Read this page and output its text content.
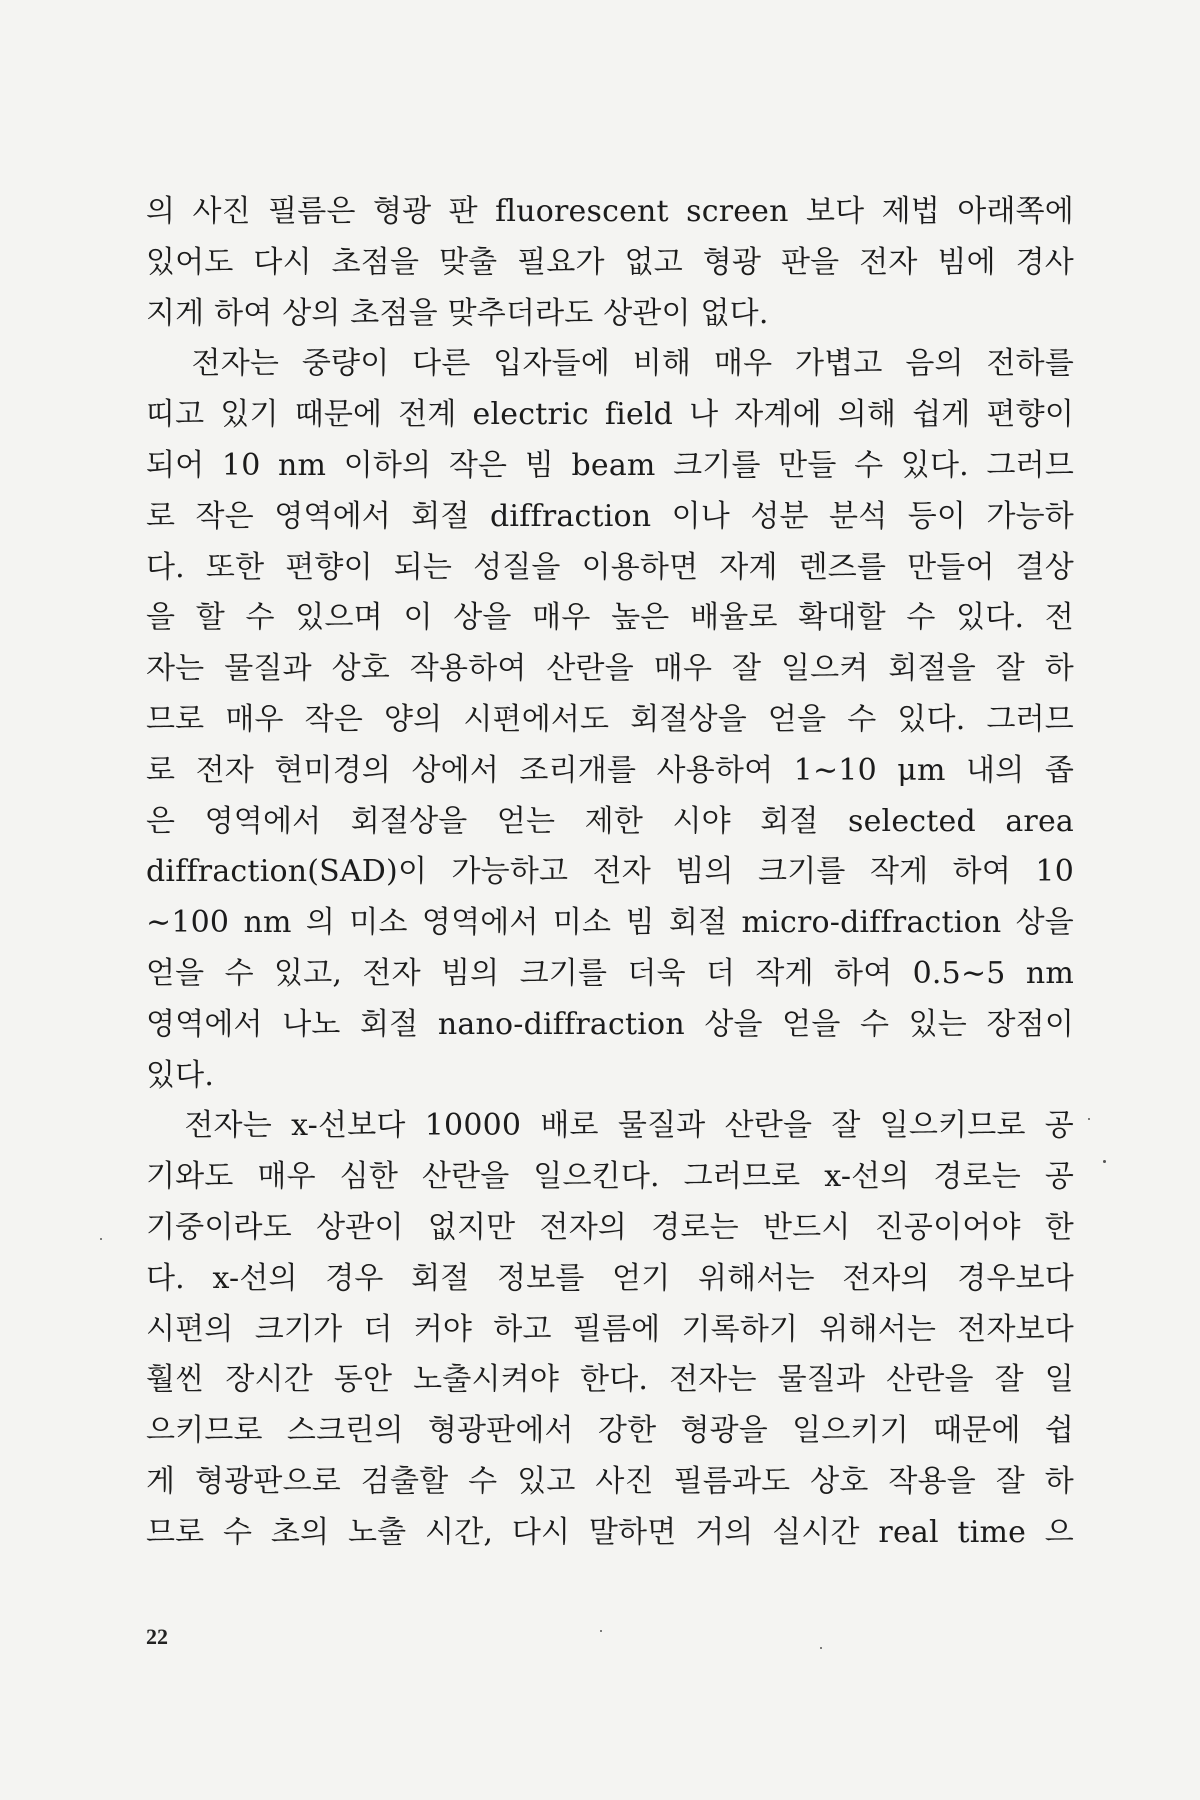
의 사진 필름은 형광 판 fluorescent screen 보다 제법 아래쪽에
있어도 다시 초점을 맞출 필요가 없고 형광 판을 전자 빔에 경사
지게 하여 상의 초점을 맞추더라도 상관이 없다.
전자는 중량이 다른 입자들에 비해 매우 가볍고 음의 전하를
띠고 있기 때문에 전계 electric field 나 자계에 의해 쉽게 편향이
되어 10 nm 이하의 작은 빔 beam 크기를 만들 수 있다. 그러므
로 작은 영역에서 회절 diffraction 이나 성분 분석 등이 가능하
다. 또한 편향이 되는 성질을 이용하면 자계 렌즈를 만들어 결상
을 할 수 있으며 이 상을 매우 높은 배율로 확대할 수 있다. 전
자는 물질과 상호 작용하여 산란을 매우 잘 일으켜 회절을 잘 하
므로 매우 작은 양의 시편에서도 회절상을 얻을 수 있다. 그러므
로 전자 현미경의 상에서 조리개를 사용하여 1∼10 μm 내의 좁
은 영역에서 회절상을 얻는 제한 시야 회절 selected area
diffraction(SAD)이 가능하고 전자 빔의 크기를 작게 하여 10
∼100 nm 의 미소 영역에서 미소 빔 회절 micro-diffraction 상을
얻을 수 있고, 전자 빔의 크기를 더욱 더 작게 하여 0.5∼5 nm
영역에서 나노 회절 nano-diffraction 상을 얻을 수 있는 장점이
있다.
전자는 x-선보다 10000 배로 물질과 산란을 잘 일으키므로 공
기와도 매우 심한 산란을 일으킨다. 그러므로 x-선의 경로는 공
기중이라도 상관이 없지만 전자의 경로는 반드시 진공이어야 한
다. x-선의 경우 회절 정보를 얻기 위해서는 전자의 경우보다
시편의 크기가 더 커야 하고 필름에 기록하기 위해서는 전자보다
훨씬 장시간 동안 노출시켜야 한다. 전자는 물질과 산란을 잘 일
으키므로 스크린의 형광판에서 강한 형광을 일으키기 때문에 쉽
게 형광판으로 검출할 수 있고 사진 필름과도 상호 작용을 잘 하
므로 수 초의 노출 시간, 다시 말하면 거의 실시간 real time 으
22
